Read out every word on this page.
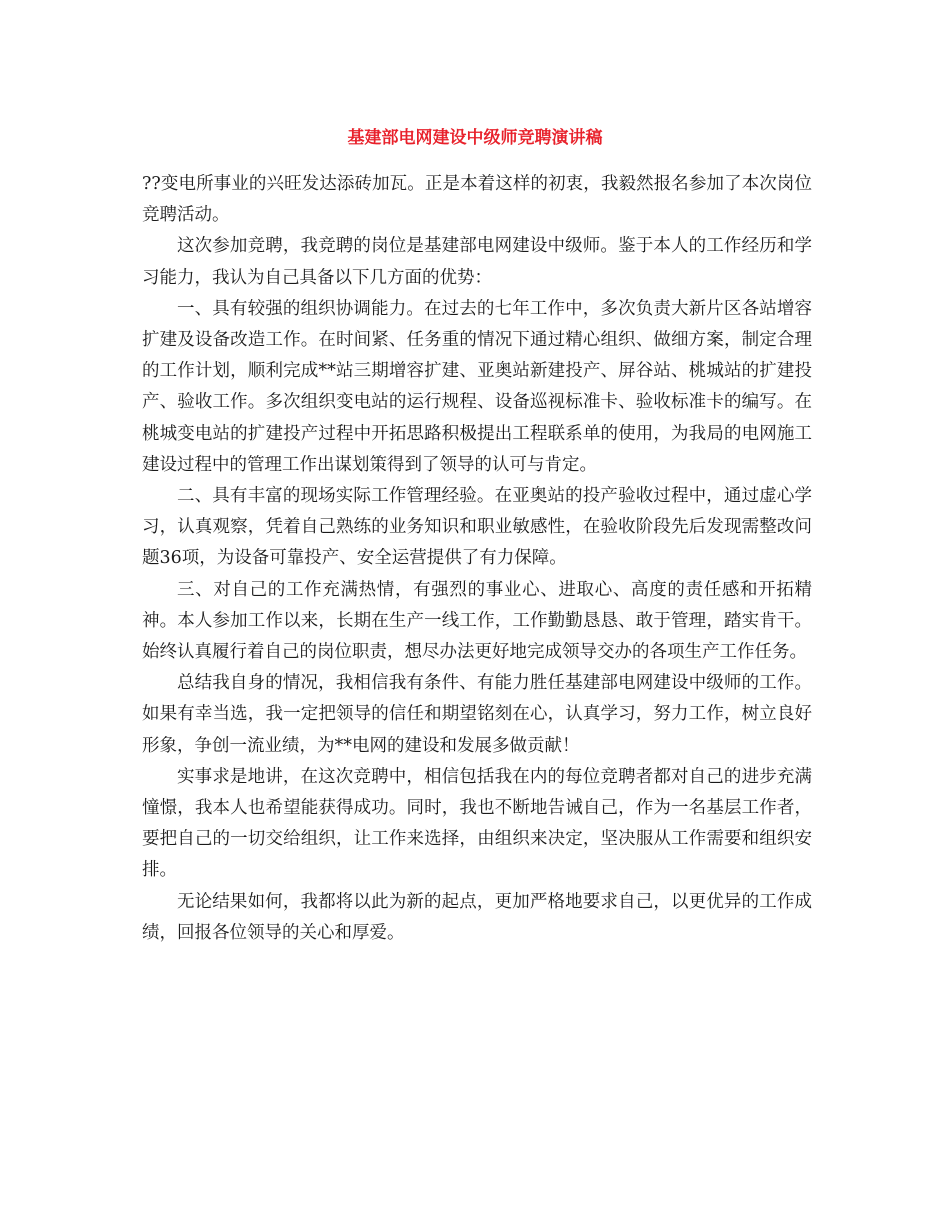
基建部电网建设中级师竞聘演讲稿

??变电所事业的兴旺发达添砖加瓦。正是本着这样的初衷，我毅然报名参加了本次岗位竞聘活动。

这次参加竞聘，我竞聘的岗位是基建部电网建设中级师。鉴于本人的工作经历和学习能力，我认为自己具备以下几方面的优势：

一、具有较强的组织协调能力。在过去的七年工作中，多次负责大新片区各站增容扩建及设备改造工作。在时间紧、任务重的情况下通过精心组织、做细方案，制定合理的工作计划，顺利完成**站三期增容扩建、亚奥站新建投产、屏谷站、桃城站的扩建投产、验收工作。多次组织变电站的运行规程、设备巡视标准卡、验收标准卡的编写。在桃城变电站的扩建投产过程中开拓思路积极提出工程联系单的使用，为我局的电网施工建设过程中的管理工作出谋划策得到了领导的认可与肯定。

二、具有丰富的现场实际工作管理经验。在亚奥站的投产验收过程中，通过虚心学习，认真观察，凭着自己熟练的业务知识和职业敏感性，在验收阶段先后发现需整改问题36项，为设备可靠投产、安全运营提供了有力保障。

三、对自己的工作充满热情，有强烈的事业心、进取心、高度的责任感和开拓精神。本人参加工作以来，长期在生产一线工作，工作勤勤恳恳、敢于管理，踏实肯干。始终认真履行着自己的岗位职责，想尽办法更好地完成领导交办的各项生产工作任务。

总结我自身的情况，我相信我有条件、有能力胜任基建部电网建设中级师的工作。如果有幸当选，我一定把领导的信任和期望铭刻在心，认真学习，努力工作，树立良好形象，争创一流业绩，为**电网的建设和发展多做贡献！

实事求是地讲，在这次竞聘中，相信包括我在内的每位竞聘者都对自己的进步充满憧憬，我本人也希望能获得成功。同时，我也不断地告诫自己，作为一名基层工作者，要把自己的一切交给组织，让工作来选择，由组织来决定，坚决服从工作需要和组织安排。

无论结果如何，我都将以此为新的起点，更加严格地要求自己，以更优异的工作成绩，回报各位领导的关心和厚爱。
